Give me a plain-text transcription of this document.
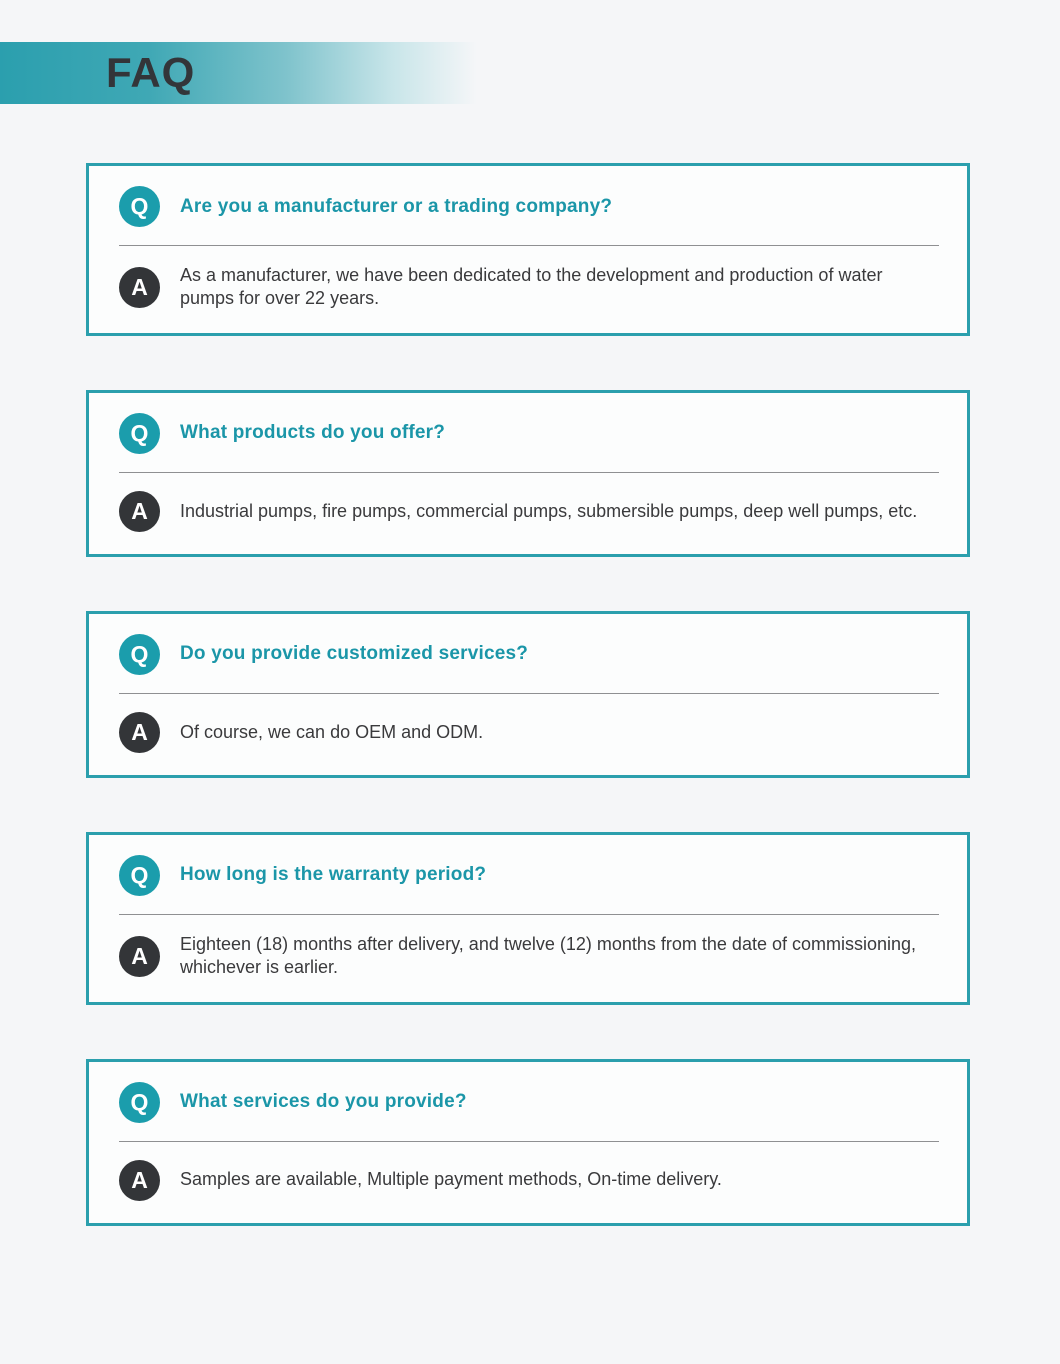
FAQ
Q	Are you a manufacturer or a trading company?
A	As a manufacturer, we have been dedicated to the development and production of water pumps for over 22 years.
Q	What products do you offer?
A	Industrial pumps, fire pumps, commercial pumps, submersible pumps, deep well pumps, etc.
Q	Do you provide customized services?
A	Of course, we can do OEM and ODM.
Q	How long is the warranty period?
A	Eighteen (18) months after delivery, and twelve (12) months from the date of commissioning, whichever is earlier.
Q	What services do you provide?
A	Samples are available, Multiple payment methods, On-time delivery.
